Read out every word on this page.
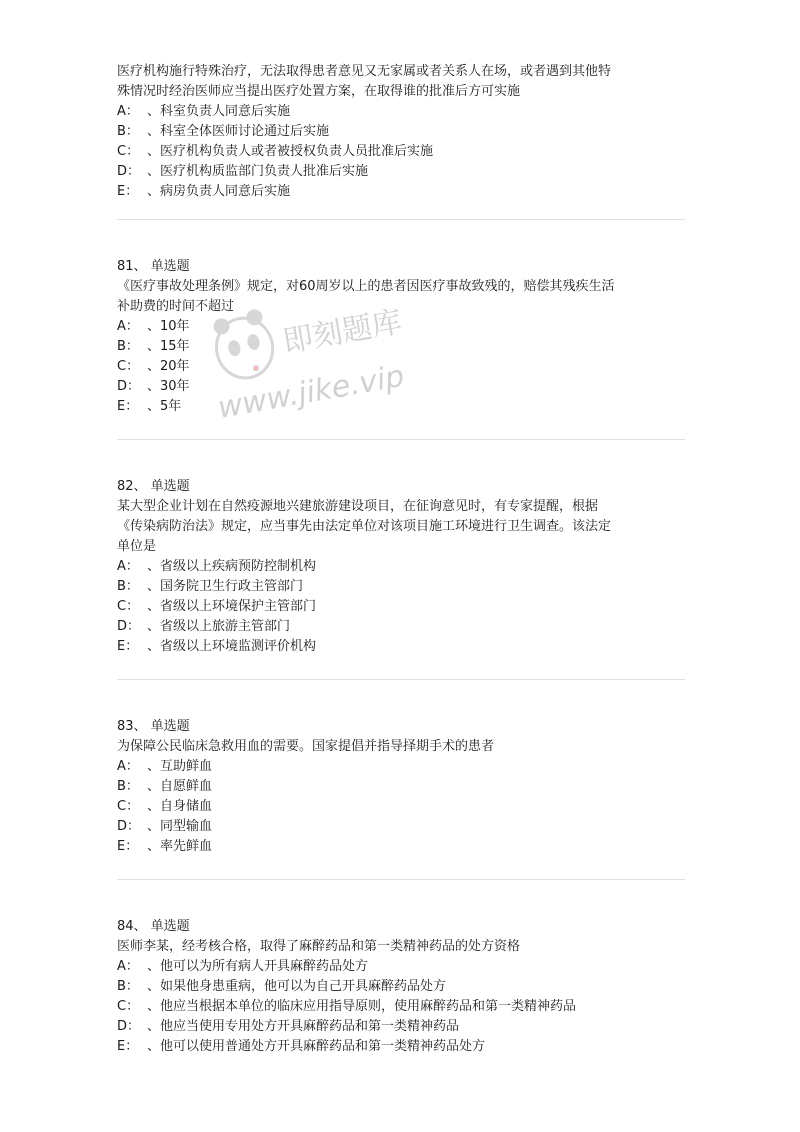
医疗机构施行特殊治疗，无法取得患者意见又无家属或者关系人在场，或者遇到其他特
殊情况时经治医师应当提出医疗处置方案，在取得谁的批准后方可实施
A： 、科室负责人同意后实施
B： 、科室全体医师讨论通过后实施
C： 、医疗机构负责人或者被授权负责人员批准后实施
D： 、医疗机构质监部门负责人批准后实施
E： 、病房负责人同意后实施
81、 单选题
《医疗事故处理条例》规定，对60周岁以上的患者因医疗事故致残的，赔偿其残疾生活
补助费的时间不超过
A： 、10年
B： 、15年
C： 、20年
D： 、30年
E： 、5年
82、 单选题
某大型企业计划在自然疫源地兴建旅游建设项目，在征询意见时，有专家提醒，根据
《传染病防治法》规定，应当事先由法定单位对该项目施工环境进行卫生调查。该法定
单位是
A： 、省级以上疾病预防控制机构
B： 、国务院卫生行政主管部门
C： 、省级以上环境保护主管部门
D： 、省级以上旅游主管部门
E： 、省级以上环境监测评价机构
83、 单选题
为保障公民临床急救用血的需要。国家提倡并指导择期手术的患者
A： 、互助鲜血
B： 、自愿鲜血
C： 、自身储血
D： 、同型输血
E： 、率先鲜血
84、 单选题
医师李某，经考核合格，取得了麻醉药品和第一类精神药品的处方资格
A： 、他可以为所有病人开具麻醉药品处方
B： 、如果他身患重病，他可以为自己开具麻醉药品处方
C： 、他应当根据本单位的临床应用指导原则，使用麻醉药品和第一类精神药品
D： 、他应当使用专用处方开具麻醉药品和第一类精神药品
E： 、他可以使用普通处方开具麻醉药品和第一类精神药品处方
即刻题库
www.jike.vip
